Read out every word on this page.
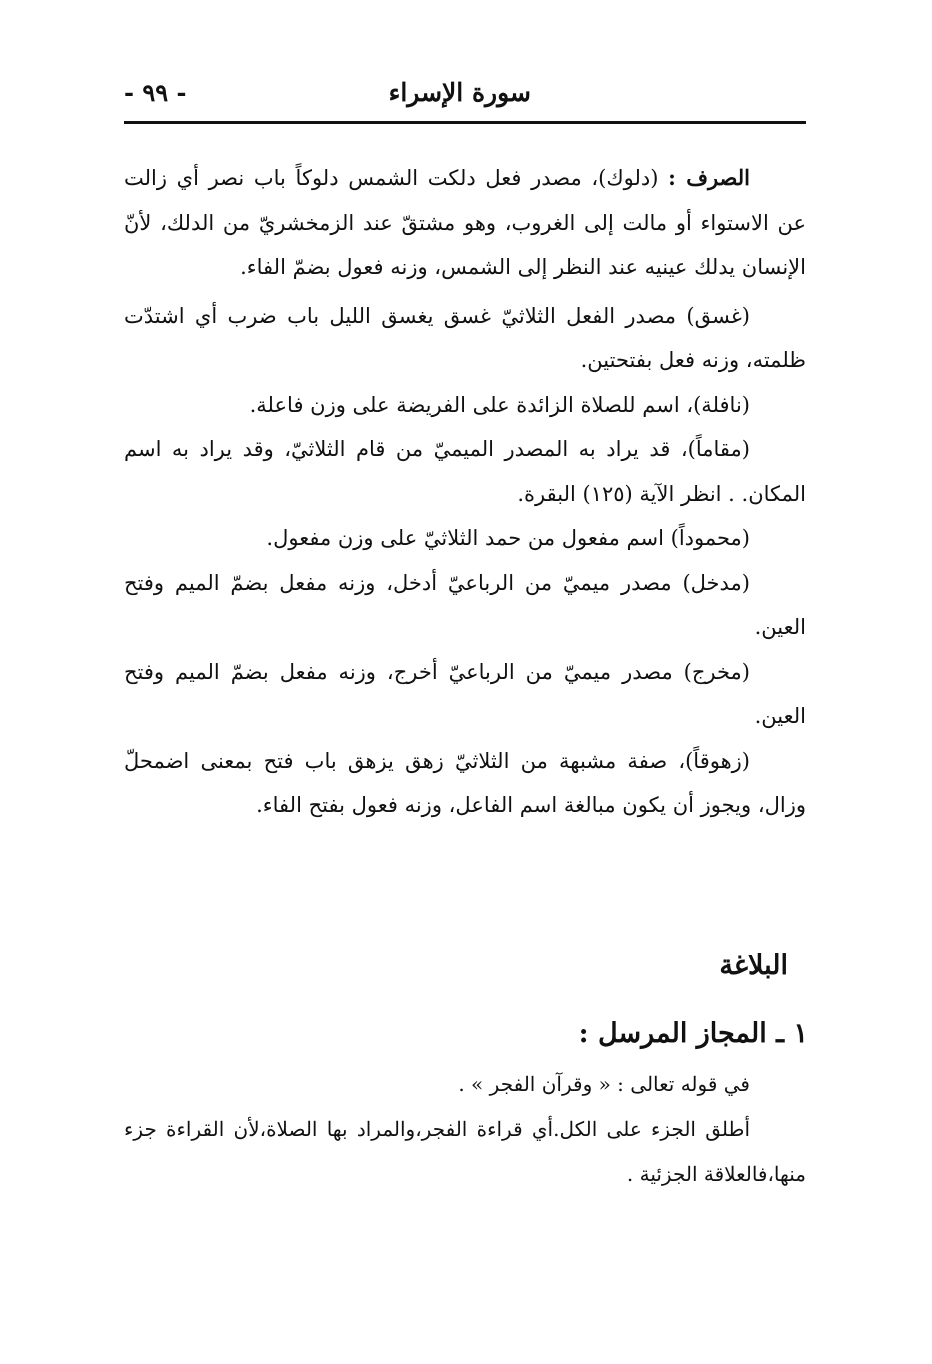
سورة الإسراء
- ٩٩ -

الصرف : (دلوك)، مصدر فعل دلكت الشمس دلوكاً باب نصر أي زالت عن الاستواء أو مالت إلى الغروب، وهو مشتقّ عند الزمخشريّ من الدلك، لأنّ الإنسان يدلك عينيه عند النظر إلى الشمس، وزنه فعول بضمّ الفاء.

(غسق) مصدر الفعل الثلاثيّ غسق يغسق الليل باب ضرب أي اشتدّت ظلمته، وزنه فعل بفتحتين.

(نافلة)، اسم للصلاة الزائدة على الفريضة على وزن فاعلة.

(مقاماً)، قد يراد به المصدر الميميّ من قام الثلاثيّ، وقد يراد به اسم المكان. . انظر الآية (١٢٥) البقرة.

(محموداً) اسم مفعول من حمد الثلاثيّ على وزن مفعول.

(مدخل) مصدر ميميّ من الرباعيّ أدخل، وزنه مفعل بضمّ الميم وفتح العين.

(مخرج) مصدر ميميّ من الرباعيّ أخرج، وزنه مفعل بضمّ الميم وفتح العين.

(زهوقاً)، صفة مشبهة من الثلاثيّ زهق يزهق باب فتح بمعنى اضمحلّ وزال، ويجوز أن يكون مبالغة اسم الفاعل، وزنه فعول بفتح الفاء.

البلاغة
١ ـ المجاز المرسل :

في قوله تعالى : « وقرآن الفجر » .

أطلق الجزء على الكل.أي قراءة الفجر،والمراد بها الصلاة،لأن القراءة جزء منها،فالعلاقة الجزئية .
